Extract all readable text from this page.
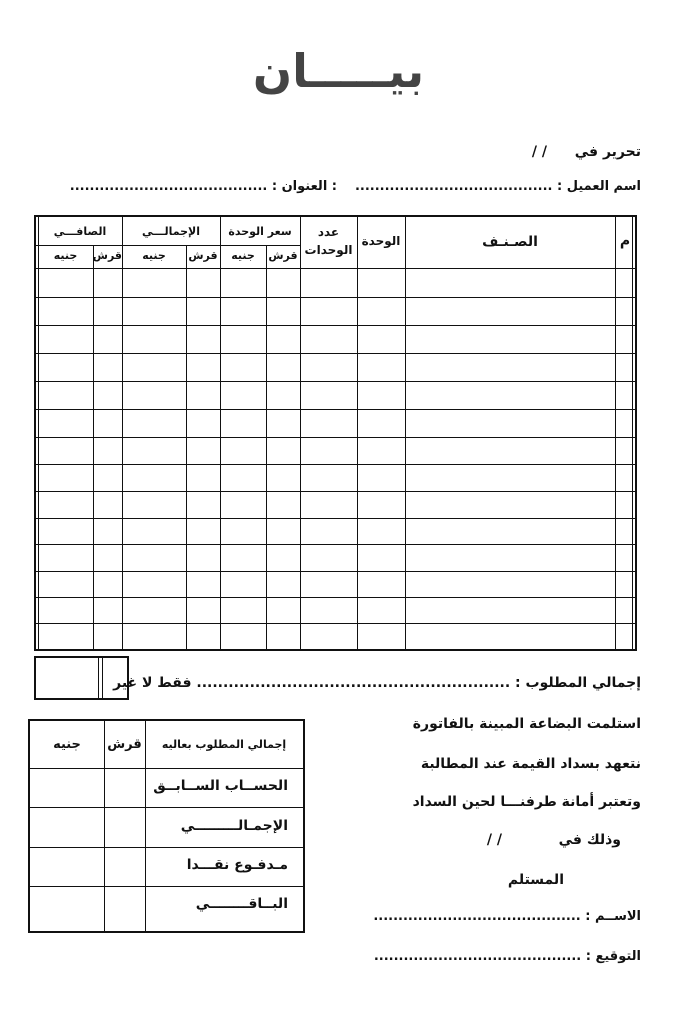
بيـــــان
تحرير في
/ /
اسم العميل : ........................................
: العنوان : ........................................
م
الصـنـف
الوحدة
عدد
الوحدات
سعر الوحدة
الإجمالـــي
الصافـــي
قرش
جنيه
قرش
جنيه
قرش
جنيه
إجمالي المطلوب : ........................................................... فقط لا غير
استلمت البضاعة المبينة بالفاتورة
نتعهد بسداد القيمة عند المطالبة
وتعتبر أمانة طرفنـــا لحين السداد
وذلك في
/ /
المستلم
الاســم : ..........................................
التوقيع : ..........................................
إجمالي المطلوب بعاليه
قرش
جنيه
الحســاب الســابــق
الإجمـالـــــــــي
مـدفـوع نقـــدا
البــاقــــــــي
